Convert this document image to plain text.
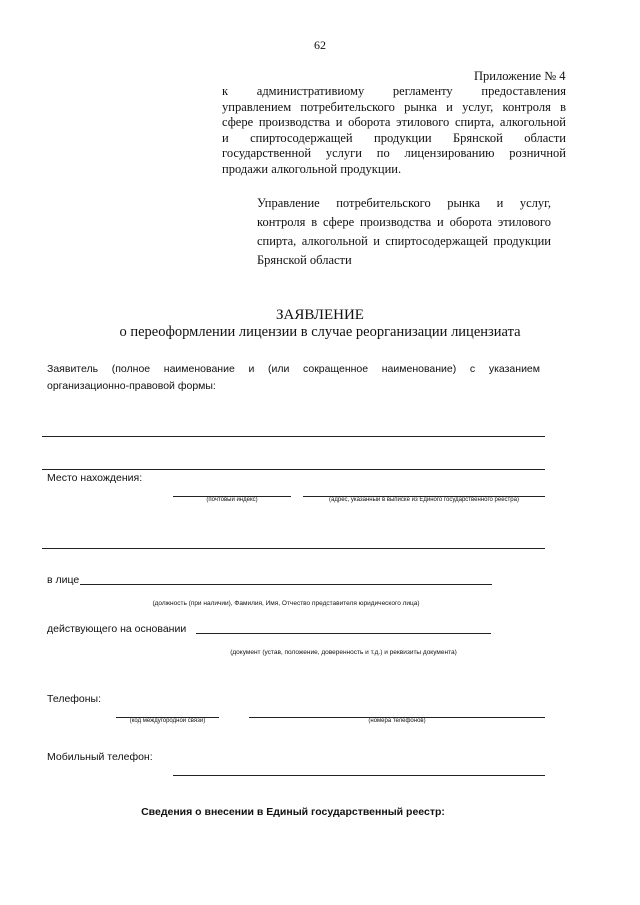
62
Приложение № 4
к административиому регламенту предоставления
управлением потребительского рынка и услуг, контроля в
сфере производства и оборота этилового спирта, алкогольной
и спиртосодержащей продукции Брянской области
государственной услуги по лицензированию розничной
продажи алкогольной продукции.
Управление потребительского рынка и услуг,
контроля в сфере производства и оборота этилового
спирта, алкогольной и спиртосодержащей продукции
Брянской области
ЗАЯВЛЕНИЕ
о переоформлении лицензии в случае реорганизации лицензиата
Заявитель (полное наименование и (или сокращенное наименование) с указанием
организационно-правовой формы:
Место нахождения:
(почтовый индекс)	(адрес, указанный в выписке из Единого государственного реестра)
в лице
(должность (при наличии), Фамилия, Имя, Отчество представителя юридического лица)
действующего на основании
(документ (устав, положение, доверенность и т.д.) и реквизиты документа)
Телефоны:
(код междугородной связи)	(номера телефонов)
Мобильный телефон:
Сведения о внесении в Единый государственный реестр:
